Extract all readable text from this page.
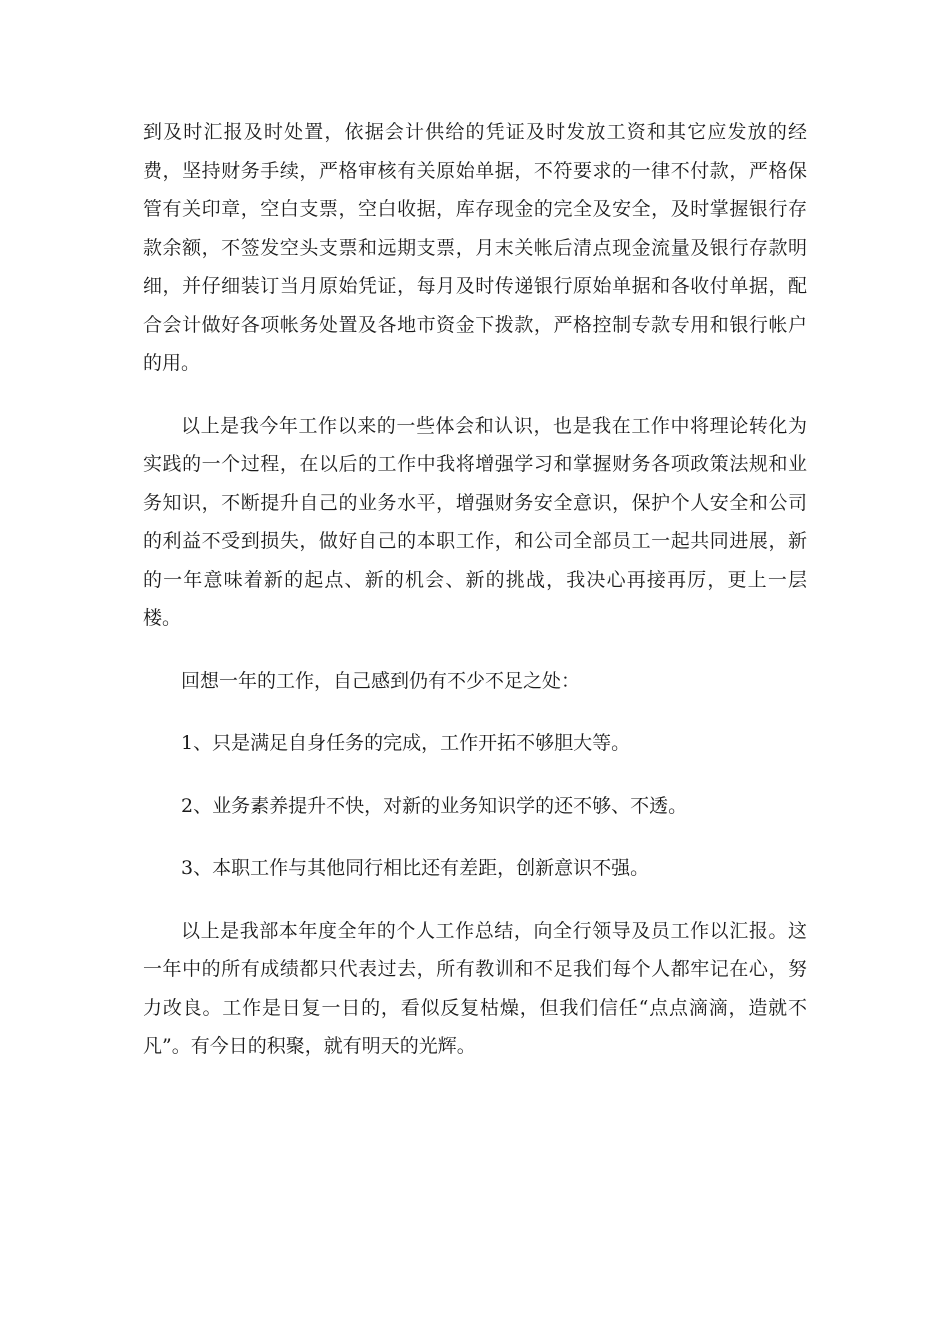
到及时汇报及时处置，依据会计供给的凭证及时发放工资和其它应发放的经费，坚持财务手续，严格审核有关原始单据，不符要求的一律不付款，严格保管有关印章，空白支票，空白收据，库存现金的完全及安全，及时掌握银行存款余额，不签发空头支票和远期支票，月末关帐后清点现金流量及银行存款明细，并仔细装订当月原始凭证，每月及时传递银行原始单据和各收付单据，配合会计做好各项帐务处置及各地市资金下拨款，严格控制专款专用和银行帐户的用。

以上是我今年工作以来的一些体会和认识，也是我在工作中将理论转化为实践的一个过程，在以后的工作中我将增强学习和掌握财务各项政策法规和业务知识，不断提升自己的业务水平，增强财务安全意识，保护个人安全和公司的利益不受到损失，做好自己的本职工作，和公司全部员工一起共同进展，新的一年意味着新的起点、新的机会、新的挑战，我决心再接再厉，更上一层楼。

回想一年的工作，自己感到仍有不少不足之处：

1、只是满足自身任务的完成，工作开拓不够胆大等。

2、业务素养提升不快，对新的业务知识学的还不够、不透。

3、本职工作与其他同行相比还有差距，创新意识不强。

以上是我部本年度全年的个人工作总结，向全行领导及员工作以汇报。这一年中的所有成绩都只代表过去，所有教训和不足我们每个人都牢记在心，努力改良。工作是日复一日的，看似反复枯燥，但我们信任“点点滴滴，造就不凡”。有今日的积聚，就有明天的光辉。
